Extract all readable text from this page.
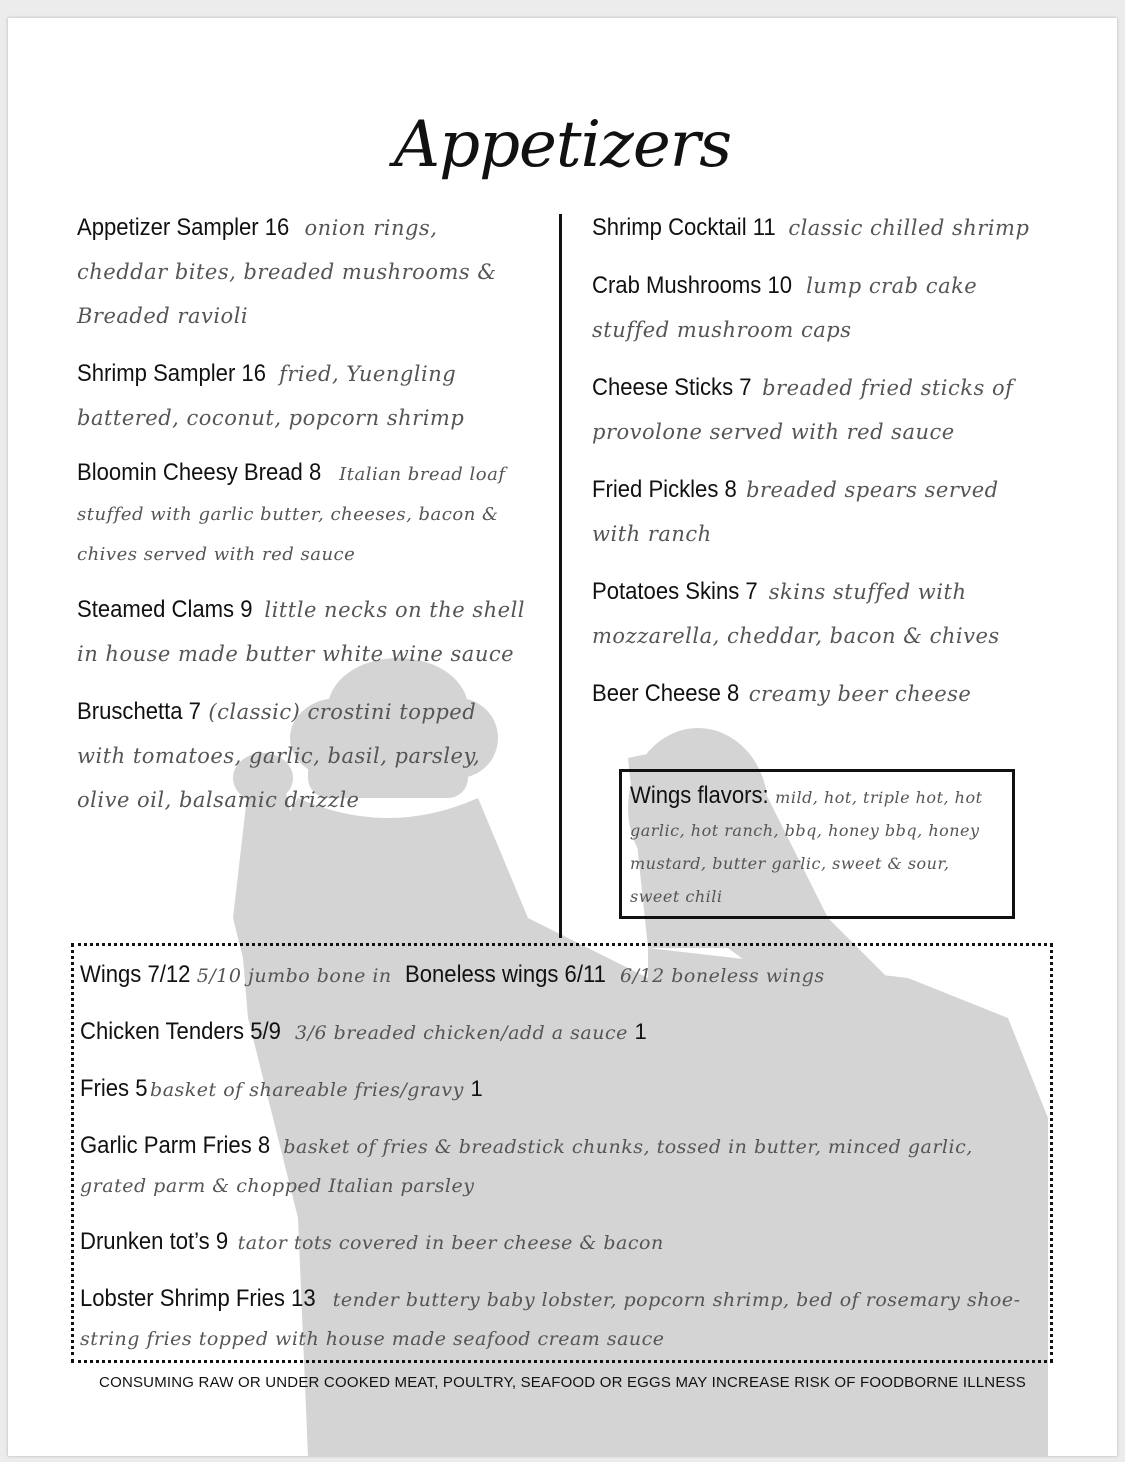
Appetizers
Appetizer Sampler 16 onion rings, cheddar bites, breaded mushrooms & Breaded ravioli
Shrimp Sampler 16 fried, Yuengling battered, coconut, popcorn shrimp
Bloomin Cheesy Bread 8 Italian bread loaf stuffed with garlic butter, cheeses, bacon & chives served with red sauce
Steamed Clams 9 little necks on the shell in house made butter white wine sauce
Bruschetta 7 (classic) crostini topped with tomatoes, garlic, basil, parsley, olive oil, balsamic drizzle
Shrimp Cocktail 11 classic chilled shrimp
Crab Mushrooms 10 lump crab cake stuffed mushroom caps
Cheese Sticks 7 breaded fried sticks of provolone served with red sauce
Fried Pickles 8 breaded spears served with ranch
Potatoes Skins 7 skins stuffed with mozzarella, cheddar, bacon & chives
Beer Cheese 8 creamy beer cheese
Wings flavors: mild, hot, triple hot, hot garlic, hot ranch, bbq, honey bbq, honey mustard, butter garlic, sweet & sour, sweet chili
Wings 7/12 5/10 jumbo bone in Boneless wings 6/11 6/12 boneless wings
Chicken Tenders 5/9 3/6 breaded chicken/add a sauce 1
Fries 5 basket of shareable fries/gravy 1
Garlic Parm Fries 8 basket of fries & breadstick chunks, tossed in butter, minced garlic, grated parm & chopped Italian parsley
Drunken tot’s 9 tator tots covered in beer cheese & bacon
Lobster Shrimp Fries 13 tender buttery baby lobster, popcorn shrimp, bed of rosemary shoe-string fries topped with house made seafood cream sauce
CONSUMING RAW OR UNDER COOKED MEAT, POULTRY, SEAFOOD OR EGGS MAY INCREASE RISK OF FOODBORNE ILLNESS
